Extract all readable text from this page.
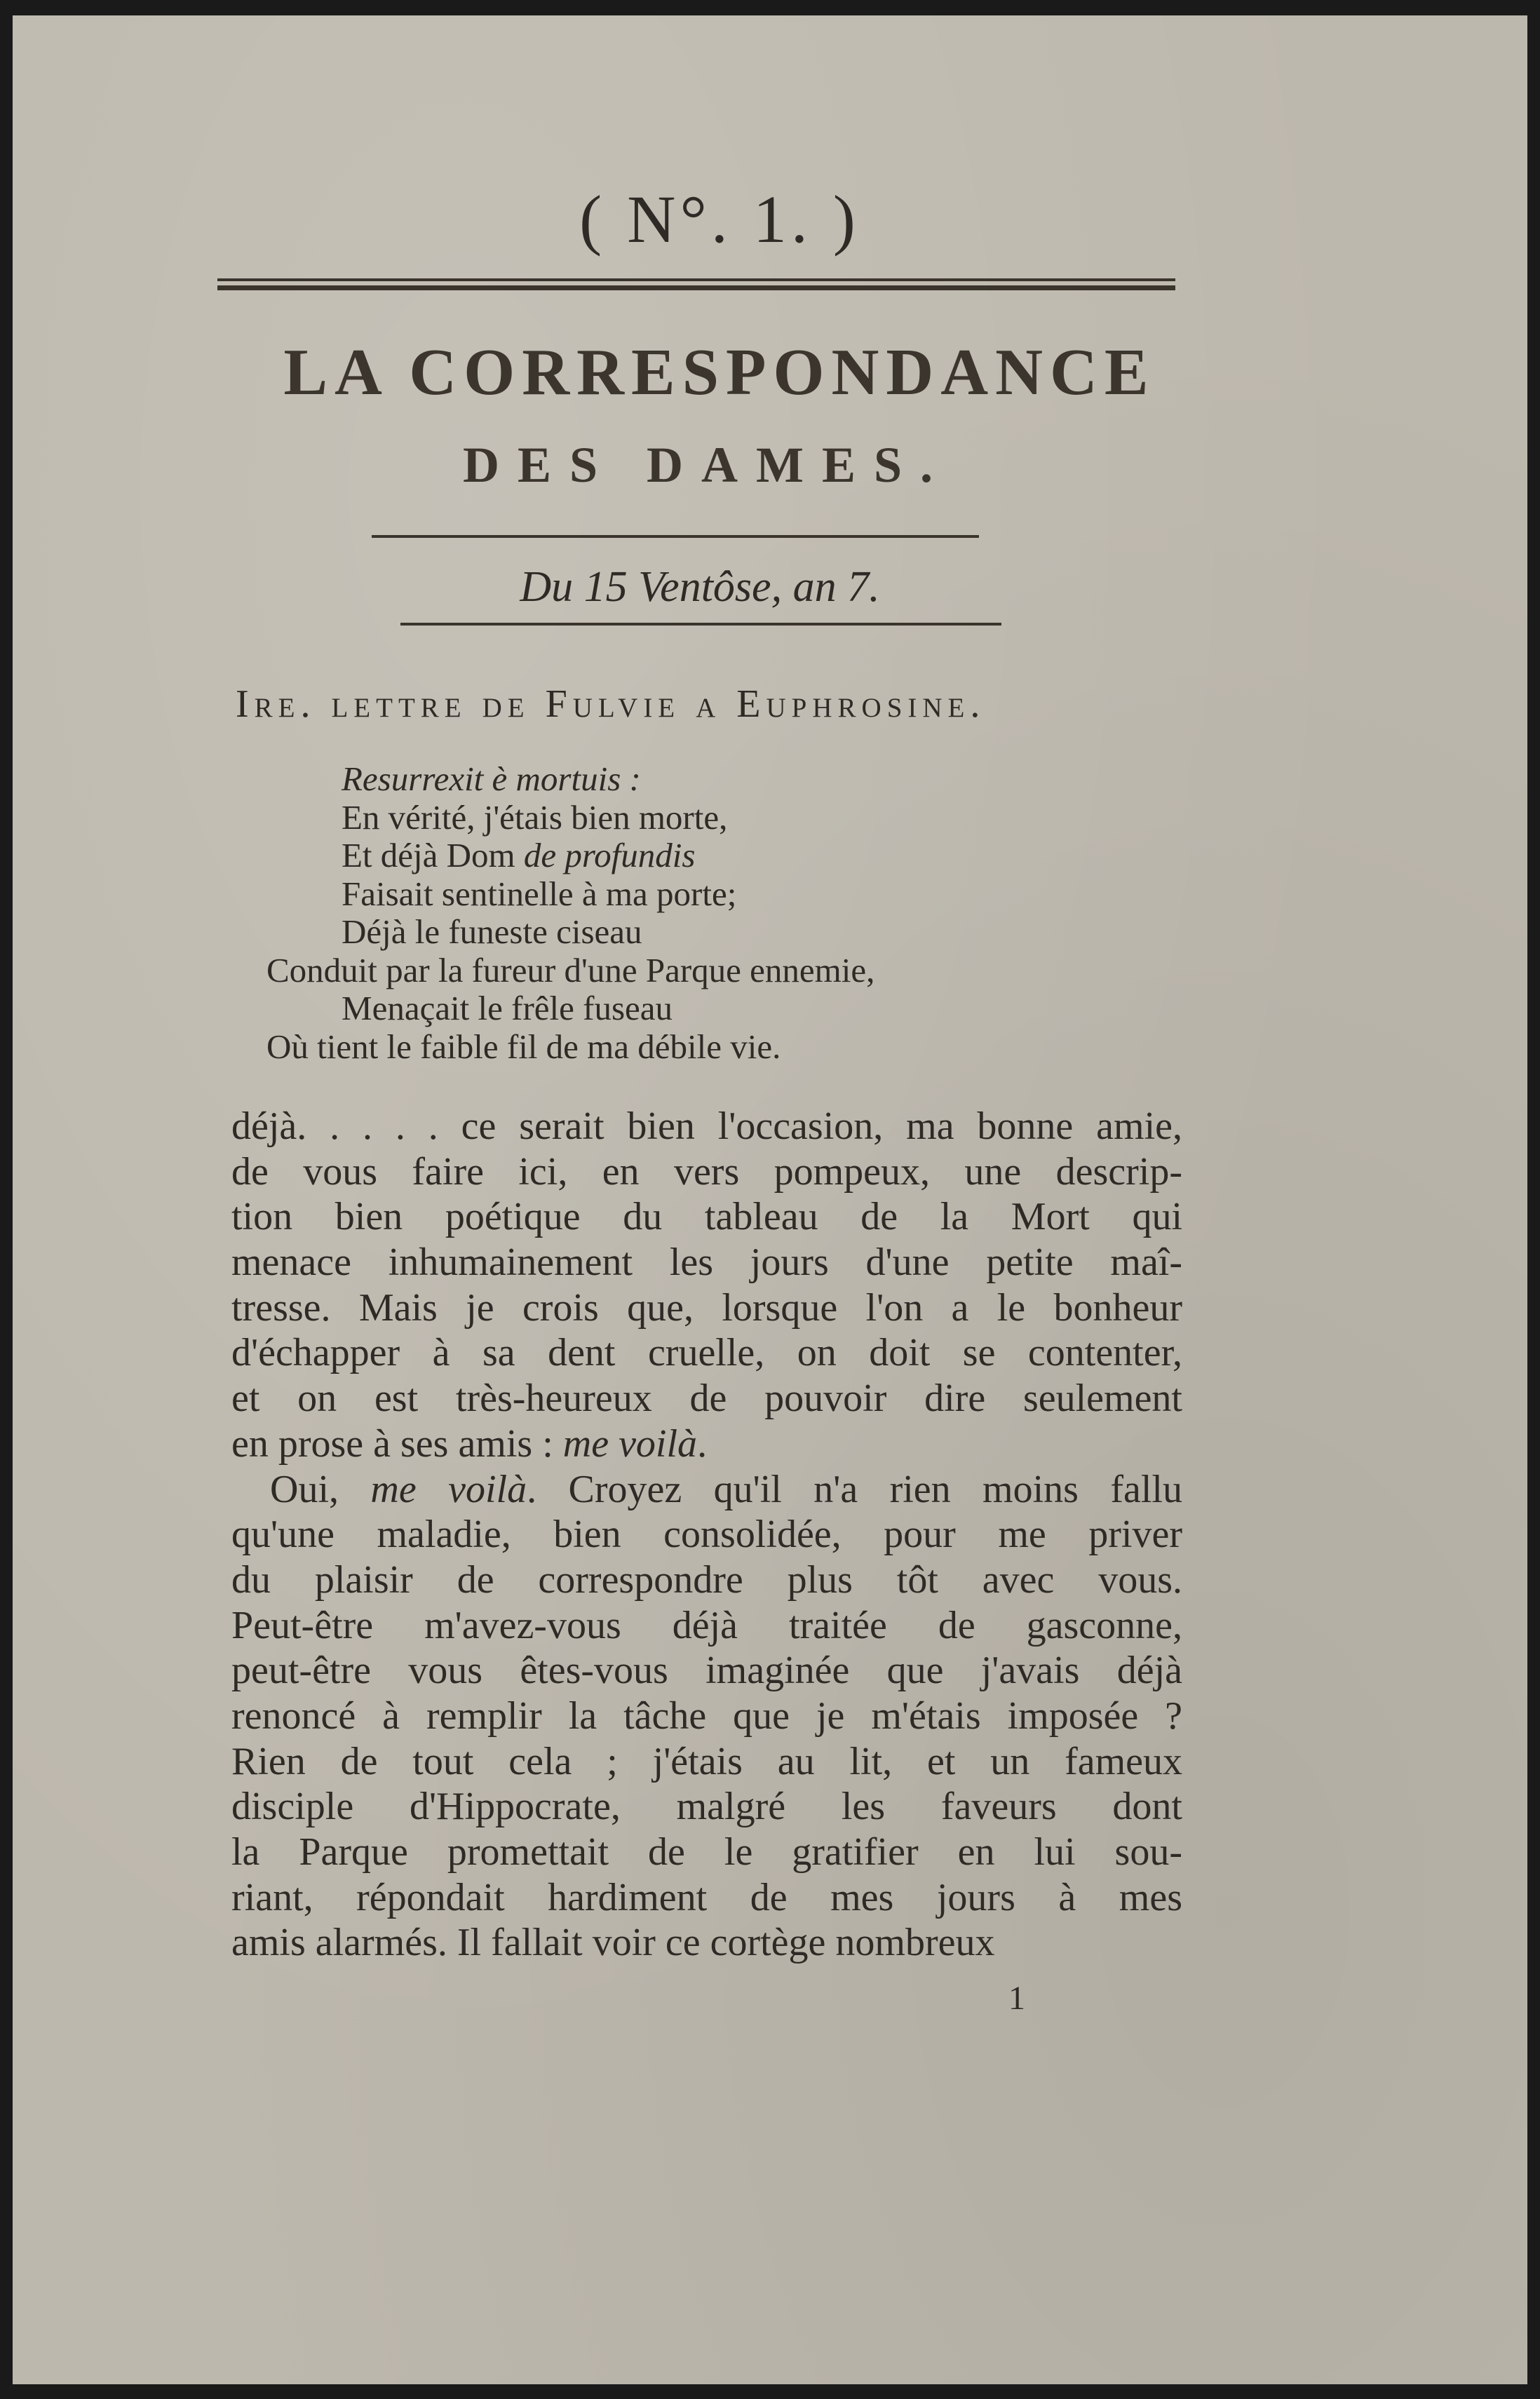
( N°. 1. )
LA CORRESPONDANCE
DES DAMES.
Du 15 Ventôse, an 7.
Ire. lettre de Fulvie a Euphrosine.
Resurrexit è mortuis :
En vérité, j'étais bien morte,
Et déjà Dom de profundis
Faisait sentinelle à ma porte;
Déjà le funeste ciseau
Conduit par la fureur d'une Parque ennemie,
Menaçait le frêle fuseau
Où tient le faible fil de ma débile vie.
déjà. . . . . ce serait bien l'occasion, ma bonne amie,
de vous faire ici, en vers pompeux, une descrip-
tion bien poétique du tableau de la Mort qui
menace inhumainement les jours d'une petite maî-
tresse. Mais je crois que, lorsque l'on a le bonheur
d'échapper à sa dent cruelle, on doit se contenter,
et on est très-heureux de pouvoir dire seulement
en prose à ses amis : me voilà.
Oui, me voilà. Croyez qu'il n'a rien moins fallu
qu'une maladie, bien consolidée, pour me priver
du plaisir de correspondre plus tôt avec vous.
Peut-être m'avez-vous déjà traitée de gasconne,
peut-être vous êtes-vous imaginée que j'avais déjà
renoncé à remplir la tâche que je m'étais imposée ?
Rien de tout cela ; j'étais au lit, et un fameux
disciple d'Hippocrate, malgré les faveurs dont
la Parque promettait de le gratifier en lui sou-
riant, répondait hardiment de mes jours à mes
amis alarmés. Il fallait voir ce cortège nombreux
1
